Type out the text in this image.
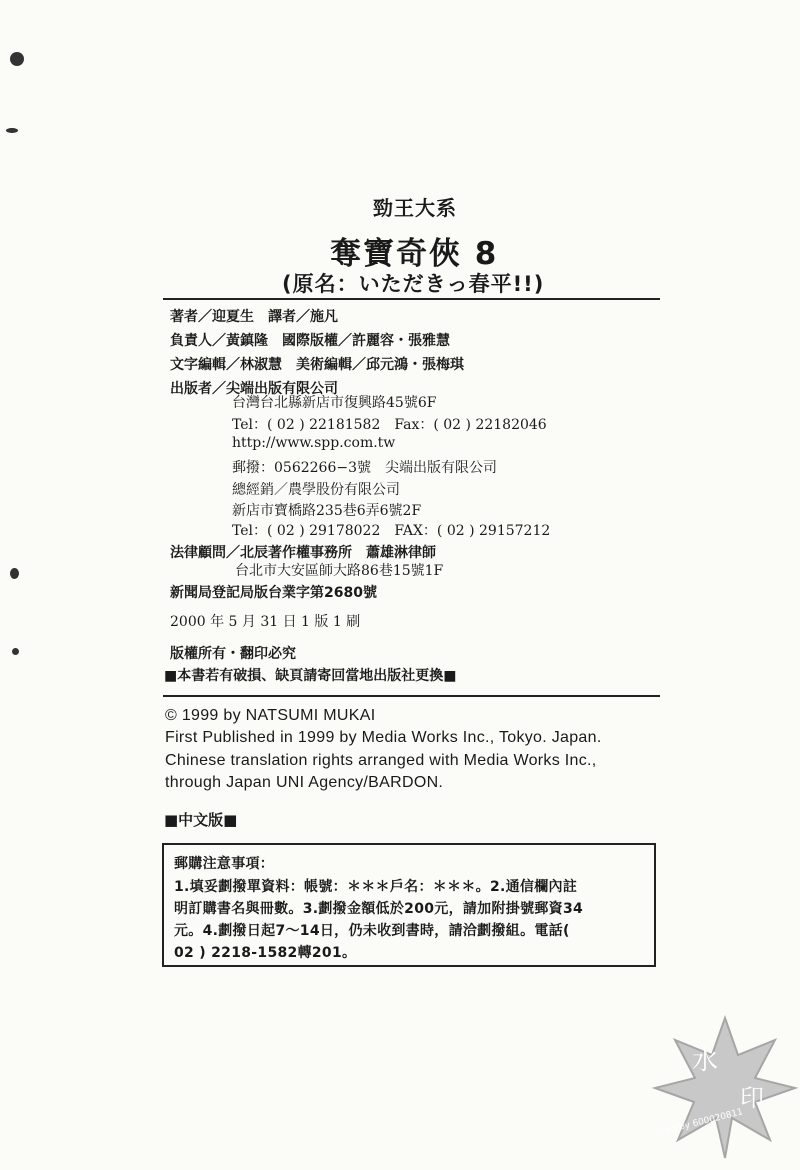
勁王大系
奪寶奇俠 8
(原名：いただきっ春平!!)
著者／迎夏生　譯者／施凡
負責人／黃鎮隆　國際版權／許麗容・張雅慧
文字編輯／林淑慧　美術編輯／邱元鴻・張梅琪
出版者／尖端出版有限公司
台灣台北縣新店市復興路45號6F
Tel：( 02 ) 22181582　Fax：( 02 ) 22182046
http://www.spp.com.tw
郵撥：0562266−3號　尖端出版有限公司
總經銷／農學股份有限公司
新店市寶橋路235巷6弄6號2F
Tel：( 02 ) 29178022　FAX：( 02 ) 29157212
法律顧問／北辰著作權事務所　蕭雄淋律師
台北市大安區師大路86巷15號1F
新聞局登記局版台業字第2680號
2000 年 5 月 31 日 1 版 1 刷
版權所有・翻印必究
■本書若有破損、缺頁請寄回當地出版社更換■
© 1999 by NATSUMI MUKAI
First Published in 1999 by Media Works Inc., Tokyo. Japan.
Chinese translation rights arranged with Media Works Inc.,
through Japan UNI Agency/BARDON.
■中文版■
郵購注意事項：
1.填妥劃撥單資料：帳號：＊＊＊戶名：＊＊＊。2.通信欄內註
明訂購書名與冊數。3.劃撥金額低於200元，請加附掛號郵資34
元。4.劃撥日起7～14日，仍未收到書時，請洽劃撥組。電話(
02 ) 2218-1582轉201。
水
印
Scan by 600020811
